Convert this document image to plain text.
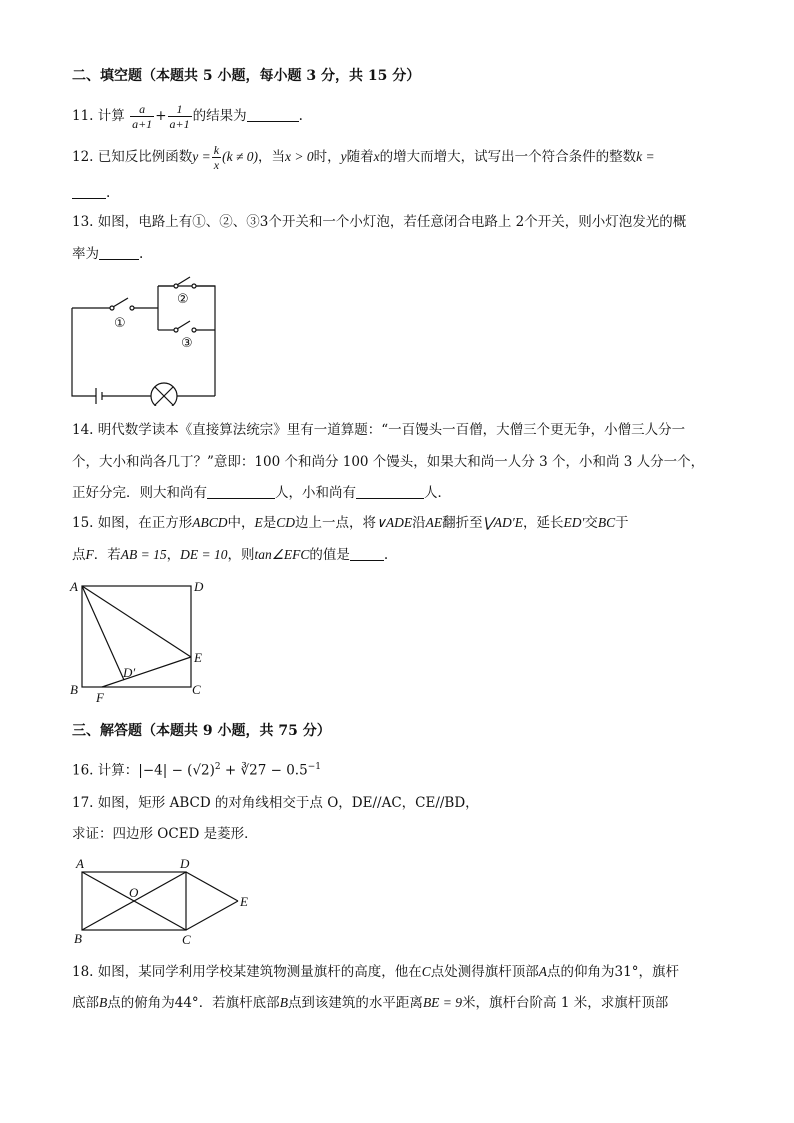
二、填空题（本题共 5 小题，每小题 3 分，共 15 分）
11. 计算 $\frac{a}{a+1} + \frac{1}{a+1}$ 的结果为	.
12. 已知反比例函数$y = \frac{k}{x} (k \ne 0)$，当x > 0时，y随着x的增大而增大，试写出一个符合条件的整数k =
.
13. 如图，电路上有①、②、③3个开关和一个小灯泡，若任意闭合电路上 2个开关，则小灯泡发光的概
率为	.
①
②
③
14. 明代数学读本《直接算法统宗》里有一道算题：“一百馒头一百僧，大僧三个更无争，小僧三人分一
个，大小和尚各几丁？”意即：100 个和尚分 100 个馒头，如果大和尚一人分 3 个，小和尚 3 人分一个，
正好分完．则大和尚有	人，小和尚有	人．
15. 如图，在正方形ABCD中，E是CD边上一点，将∨ADE沿AE翻折至⋁AD′E，延长ED′交BC于
点F．若AB = 15，DE = 10，则tan∠EFC的值是	.
A	D
B	C
E
F
D′
三、解答题（本题共 9 小题，共 75 分）
16. 计算：$|-4| - (√2)^2$ + ∛27 − $0.5^{-1}$
17. 如图，矩形 ABCD 的对角线相交于点 O，DE//AC，CE//BD，
求证：四边形 OCED 是菱形．
A	D
B	C
O
E
18. 如图，某同学利用学校某建筑物测量旗杆的高度，他在C点处测得旗杆顶部A点的仰角为31°，旗杆
底部B点的俯角为44°．若旗杆底部B点到该建筑的水平距离BE = 9米，旗杆台阶高 1 米，求旗杆顶部
